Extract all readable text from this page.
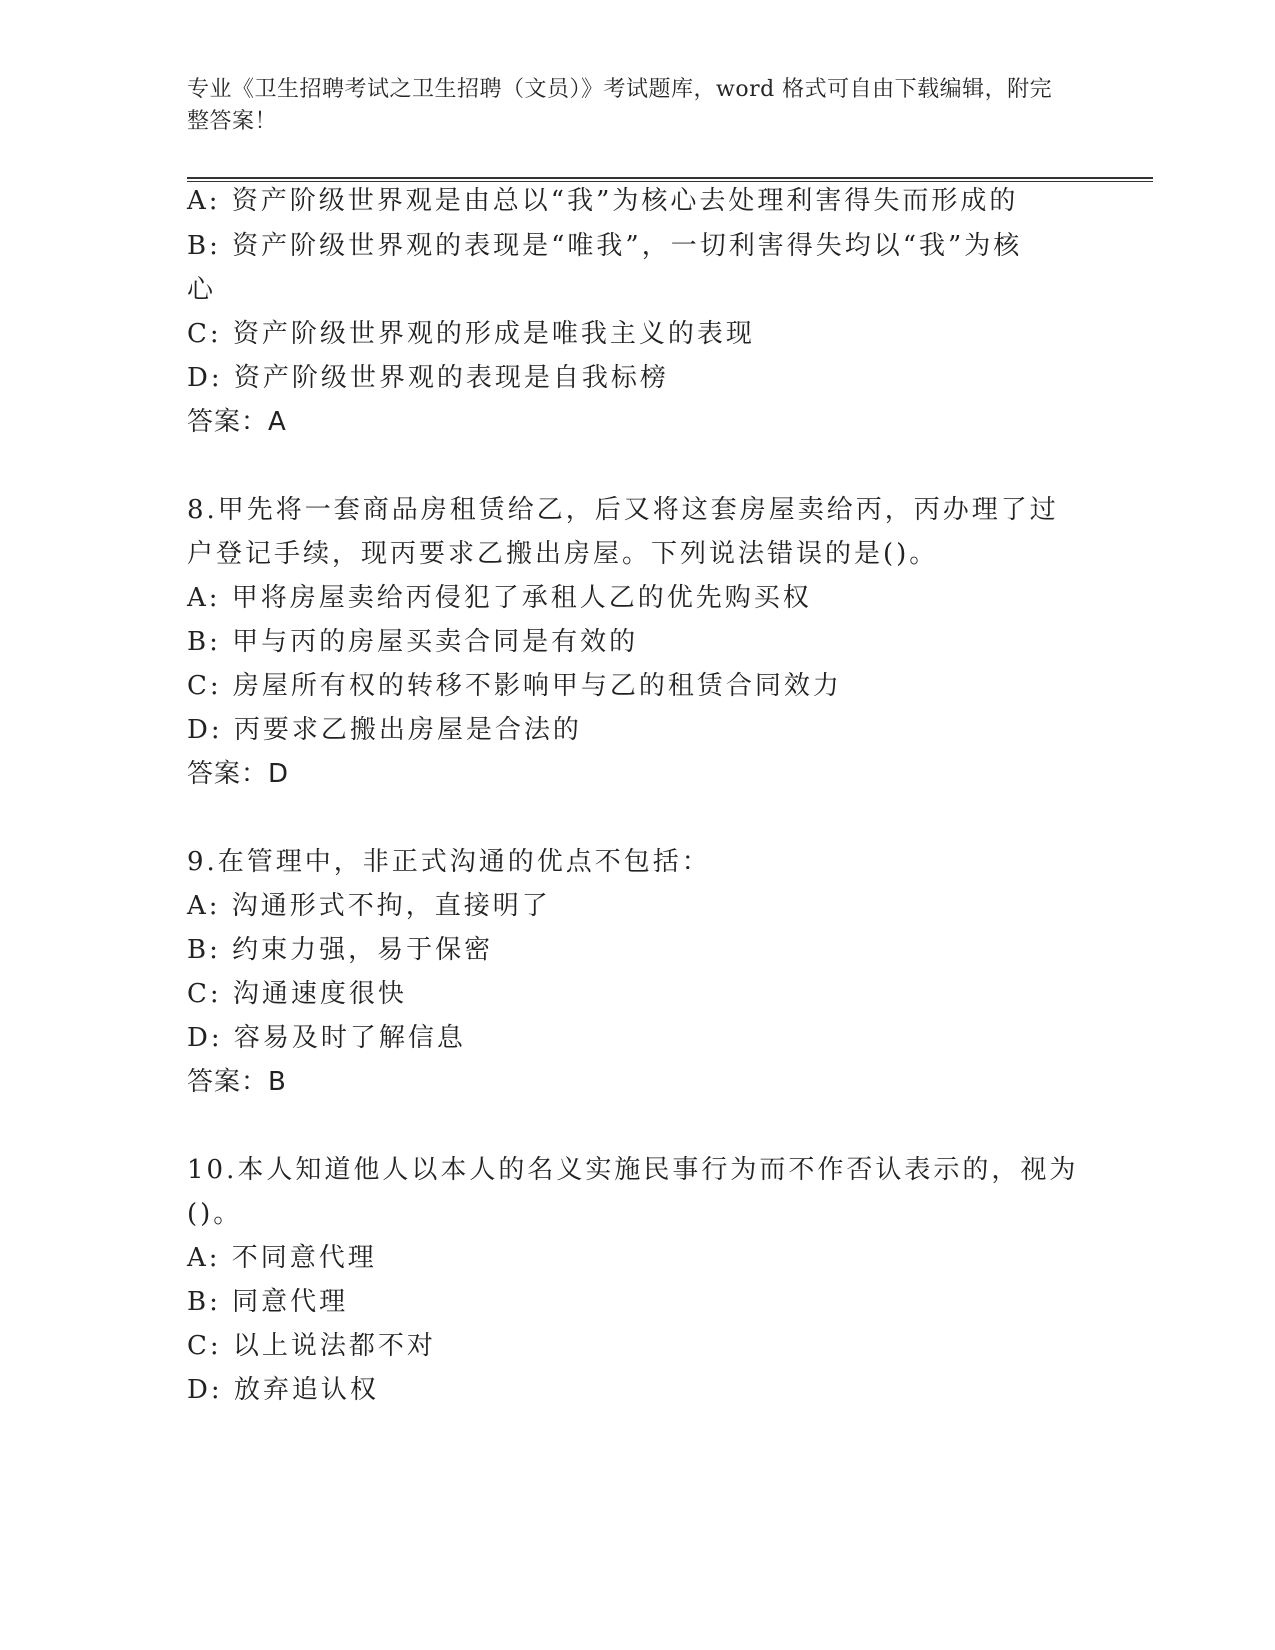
专业《卫生招聘考试之卫生招聘（文员）》考试题库，word 格式可自由下载编辑，附完整答案！
A: 资产阶级世界观是由总以“我”为核心去处理利害得失而形成的
B: 资产阶级世界观的表现是“唯我”，一切利害得失均以“我”为核
心
C: 资产阶级世界观的形成是唯我主义的表现
D: 资产阶级世界观的表现是自我标榜
答案：A
8.甲先将一套商品房租赁给乙，后又将这套房屋卖给丙，丙办理了过
户登记手续，现丙要求乙搬出房屋。下列说法错误的是()。
A: 甲将房屋卖给丙侵犯了承租人乙的优先购买权
B: 甲与丙的房屋买卖合同是有效的
C: 房屋所有权的转移不影响甲与乙的租赁合同效力
D: 丙要求乙搬出房屋是合法的
答案：D
9.在管理中，非正式沟通的优点不包括：
A: 沟通形式不拘，直接明了
B: 约束力强，易于保密
C: 沟通速度很快
D: 容易及时了解信息
答案：B
10.本人知道他人以本人的名义实施民事行为而不作否认表示的，视为
()。
A: 不同意代理
B: 同意代理
C: 以上说法都不对
D: 放弃追认权
